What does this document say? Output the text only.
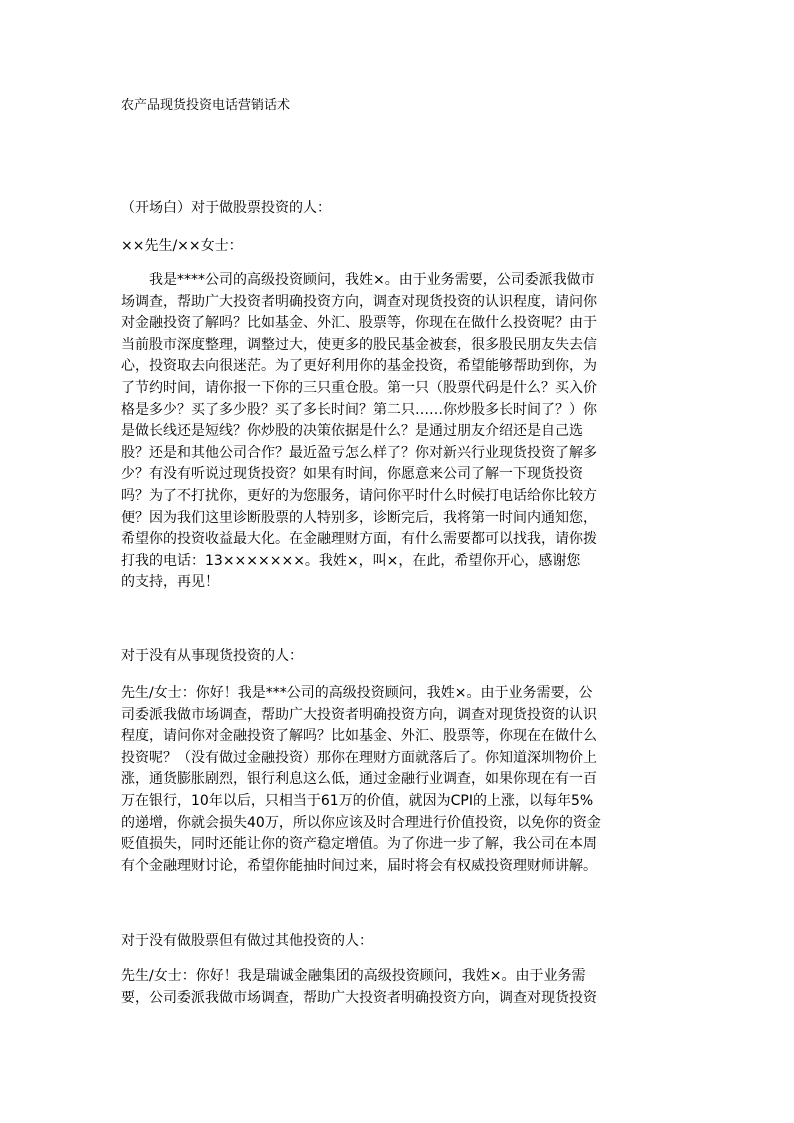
农产品现货投资电话营销话术
（开场白）对于做股票投资的人：
××先生/××女士：
我是****公司的高级投资顾问，我姓×。由于业务需要，公司委派我做市
场调查，帮助广大投资者明确投资方向，调查对现货投资的认识程度，请问你
对金融投资了解吗？比如基金、外汇、股票等，你现在在做什么投资呢？由于
当前股市深度整理，调整过大，使更多的股民基金被套，很多股民朋友失去信
心，投资取去向很迷茫。为了更好利用你的基金投资，希望能够帮助到你，为
了节约时间，请你报一下你的三只重仓股。第一只（股票代码是什么？买入价
格是多少？买了多少股？买了多长时间？第二只……你炒股多长时间了？）你
是做长线还是短线？你炒股的决策依据是什么？是通过朋友介绍还是自己选
股？还是和其他公司合作？最近盈亏怎么样了？你对新兴行业现货投资了解多
少？有没有听说过现货投资？如果有时间，你愿意来公司了解一下现货投资
吗？为了不打扰你，更好的为您服务，请问你平时什么时候打电话给你比较方
便？因为我们这里诊断股票的人特别多，诊断完后，我将第一时间内通知您，
希望你的投资收益最大化。在金融理财方面，有什么需要都可以找我，请你拨
打我的电话：13×××××××。我姓×，叫×，在此，希望你开心，感谢您
的支持，再见！
对于没有从事现货投资的人：
先生/女士：你好！我是***公司的高级投资顾问，我姓×。由于业务需要，公
司委派我做市场调查，帮助广大投资者明确投资方向，调查对现货投资的认识
程度，请问你对金融投资了解吗？比如基金、外汇、股票等，你现在在做什么
投资呢？（没有做过金融投资）那你在理财方面就落后了。你知道深圳物价上
涨，通货膨胀剧烈，银行利息这么低，通过金融行业调查，如果你现在有一百
万在银行，10年以后，只相当于61万的价值，就因为CPI的上涨，以每年5%
的递增，你就会损失40万，所以你应该及时合理进行价值投资，以免你的资金
贬值损失，同时还能让你的资产稳定增值。为了你进一步了解，我公司在本周
有个金融理财讨论，希望你能抽时间过来，届时将会有权威投资理财师讲解。
对于没有做股票但有做过其他投资的人：
先生/女士：你好！我是瑞诚金融集团的高级投资顾问，我姓×。由于业务需
要，公司委派我做市场调查，帮助广大投资者明确投资方向，调查对现货投资
